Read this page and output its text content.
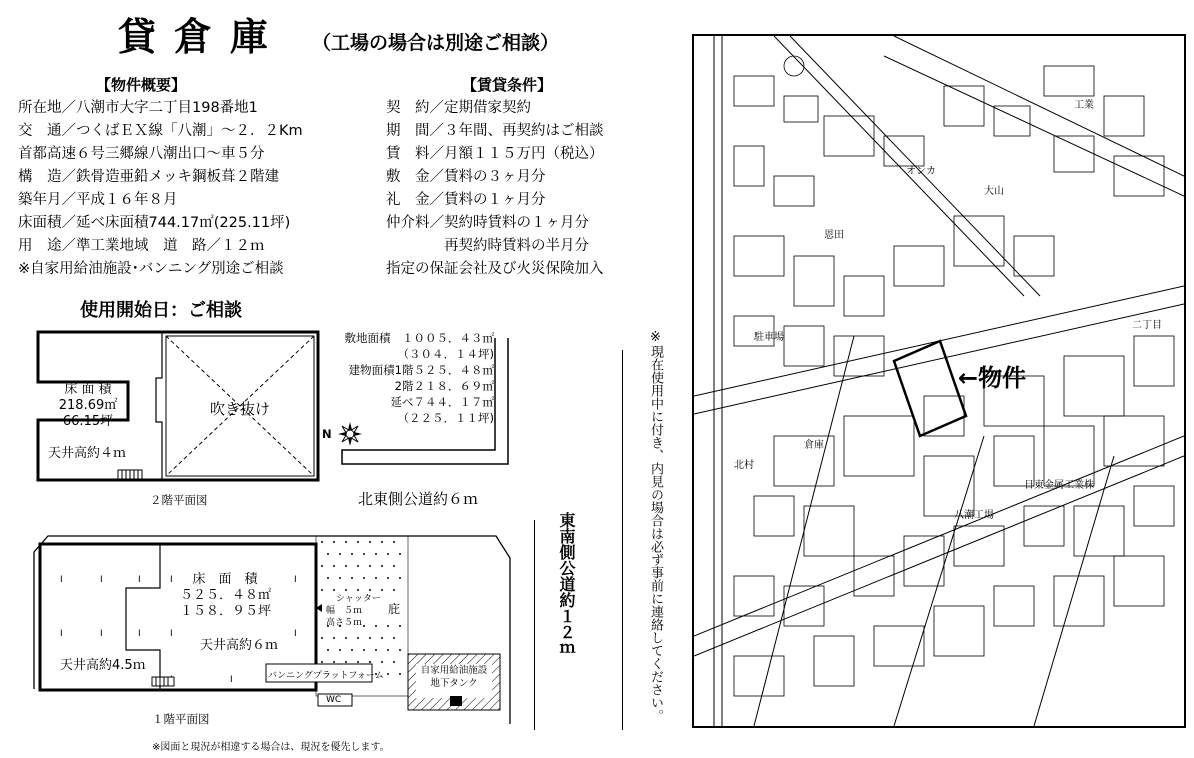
貸倉庫 （工場の場合は別途ご相談）
【物件概要】
所在地／八潮市大字二丁目198番地1
交　通／つくばＥＸ線「八潮」～２．２Km
首都高速６号三郷線八潮出口～車５分
構　造／鉄骨造亜鉛メッキ鋼板葺２階建
築年月／平成１６年８月
床面積／延べ床面積744.17㎡(225.11坪)
用　途／準工業地域　道　路／１２ｍ
※自家用給油施設･バンニング別途ご相談
使用開始日：ご相談
【賃貸条件】
契　約／定期借家契約
期　間／３年間、再契約はご相談
賃　料／月額１１５万円（税込）
敷　金／賃料の３ヶ月分
礼　金／賃料の１ヶ月分
仲介料／契約時賃料の１ヶ月分
　　　　再契約時賃料の半月分
指定の保証会社及び火災保険加入
敷地面積　１００５．４３㎡
（３０４．１４坪)
建物面積1階５２５．４８㎡
2階２１８．６９㎡
延べ７４４．１７㎡
（２２５．１１坪)
N
床 面 積
218.69㎡
66.15坪
天井高約４ｍ
吹き抜け
２階平面図	北東側公道約６ｍ
I	I	I
I	I	I
I	I
I	I
I
床　面　積
５２５．４８㎡
１５８．９５坪
天井高約６ｍ
天井高約4.5ｍ
シャッター
幅　５ｍ
高さ５ｍ
庇
バンニングプラットフォーム
WC
自家用給油施設
地下タンク
１階平面図
東南側公道約１２ｍ	※現在使用中に付き、内見の場合は必ず事前に連絡してください。
※図面と現況が相違する場合は、現況を優先します。
←物件
オンカ
大山
工業
二丁目
八潮工場
日東金属工業株
倉庫
駐車場
恩田
北村
